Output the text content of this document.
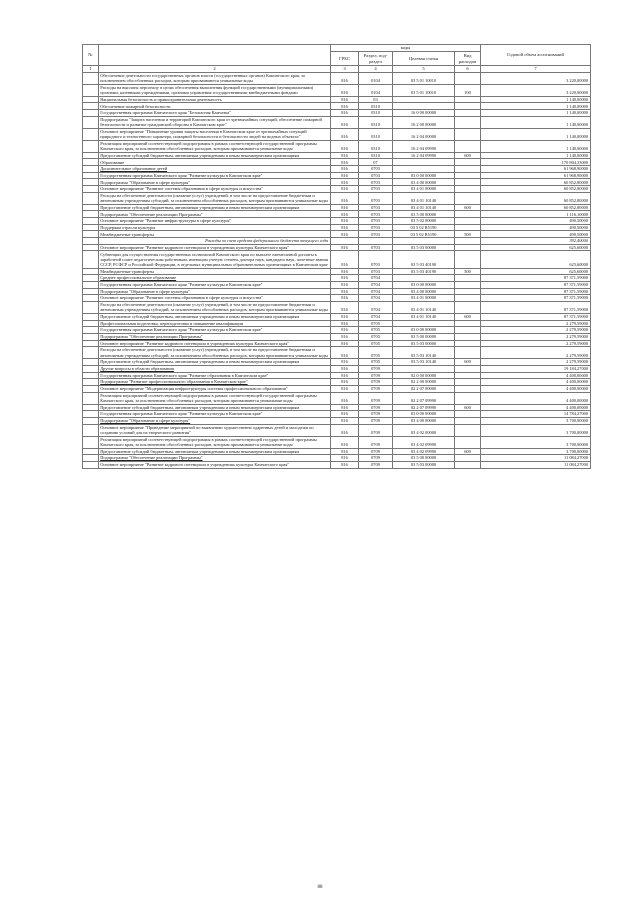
№		коды				Годовой объем ассигнований
		ГРБС	Раздел, под-раздел	Целевая статья	Вид расходов	
1	2	3	4	5	6	7
	Обеспечение деятельности государственных органов власти (государственных органов) Камчатского края, за исключением обособленных расходов, которым присваиваются уникальные коды	816	0104	03 5 01 10010		3 220,00000
	Расходы на выплаты персоналу в целях обеспечения выполнения функций государственными (муниципальными) органами, казенными учреждениями, органами управления государственными внебюджетными фондами	816	0104	03 5 01 10010	100	3 220,00000
	Национальная безопасность и правоохранительная деятельность	816	03			1 140,00000
	Обеспечение пожарной безопасности	816	0310			1 140,00000
	Государственная программа Камчатского края "Безопасная Камчатка"	816	0310	16 0 00 00000		1 140,00000
	Подпрограмма "Защита населения и территорий Камчатского края от чрезвычайных ситуаций, обеспечение пожарной безопасности и развитие гражданской обороны в Камчатском крае"	816	0310	16 2 00 00000		1 140,00000
	Основное мероприятие "Повышение уровня защиты населения в Камчатском крае от чрезвычайных ситуаций природного и техногенного характера, пожарной безопасности и безопасности людей на водных объектах"	816	0310	16 2 04 00000		1 140,00000
	Реализация мероприятий соответствующей подпрограммы в рамках соответствующей государственной программы Камчатского края, за исключением обособленных расходов, которым присваиваются уникальные коды	816	0310	16 2 04 09990		1 140,00000
	Предоставление субсидий бюджетным, автономным учреждениям и иным некоммерческим организациям	816	0310	16 2 04 09990	600	1 140,00000
	Образование	816	07			170 804,33000
	Дополнительное образование детей	816	0703			61 968,90000
	Государственная программа Камчатского края "Развитие культуры в Камчатском крае"	816	0703	03 0 00 00000		61 968,90000
	Подпрограмма "Образование в сфере культуры"	816	0703	03 4 00 00000		60 852,80000
	Основное мероприятие "Развитие системы образования в сфере культуры и искусства"	816	0703	03 4 01 00000		60 852,80000
	Расходы на обеспечение деятельности (оказание услуг) учреждений, в том числе на предоставление бюджетным и автономным учреждениям субсидий, за исключением обособленных расходов, которым присваиваются уникальные коды	816	0703	03 4 01 10140		60 852,80000
	Предоставление субсидий бюджетным, автономным учреждениям и иным некоммерческим организациям	816	0703	03 4 01 10140	600	60 852,80000
	Подпрограмма "Обеспечение реализации Программы"	816	0703	03 5 00 00000		1 116,10000
	Основное мероприятие "Развитие инфраструктуры в сфере культуры"	816	0703	03 5 02 00000		490,50000
	Поддержка отрасли культуры	816	0703	03 5 02 R5190		490,50000
	Межбюджетные трансферты	816	0703	03 5 02 R5190	500	490,50000
	Расходы за счет средств федерального бюджета текущего года					392,40000
	Основное мероприятие "Развитие кадрового потенциала в учреждениях культуры Камчатского края"	816	0703	03 5 03 00000		625,60000
	Субвенции для осуществления государственных полномочий Камчатского края по выплате ежемесячной доплаты к заработной плате педагогическим работникам, имеющим ученую степень доктора наук, кандидата наук, почетные звания СССР, РСФСР и Российской Федерации, в отдельных муниципальных образовательных организациях в Камчатском крае	816	0703	03 5 03 40190		625,60000
	Межбюджетные трансферты	816	0703	03 5 03 40190	500	625,60000
	Среднее профессиональное образование	816	0704			87 371,59000
	Государственная программа Камчатского края "Развитие культуры в Камчатском крае"	816	0704	03 0 00 00000		87 371,59000
	Подпрограмма "Образование в сфере культуры"	816	0704	03 4 00 00000		87 371,59000
	Основное мероприятие "Развитие системы образования в сфере культуры и искусства"	816	0704	03 4 01 00000		87 371,59000
	Расходы на обеспечение деятельности (оказание услуг) учреждений, в том числе на предоставление бюджетным и автономным учреждениям субсидий, за исключением обособленных расходов, которым присваиваются уникальные коды	816	0704	03 4 01 10140		87 371,59000
	Предоставление субсидий бюджетным, автономным учреждениям и иным некоммерческим организациям	816	0704	03 4 01 10140	600	87 371,59000
	Профессиональная подготовка, переподготовка и повышение квалификации	816	0705			2 279,59000
	Государственная программа Камчатского края "Развитие культуры в Камчатском крае"	816	0705	03 0 00 00000		2 279,59000
	Подпрограмма "Обеспечение реализации Программы"	816	0705	03 5 00 00000		2 279,59000
	Основное мероприятие "Развитие кадрового потенциала в учреждениях культуры Камчатского края"	816	0705	03 5 03 00000		2 279,59000
	Расходы на обеспечение деятельности (оказание услуг) учреждений, в том числе на предоставление бюджетным и автономным учреждениям субсидий, за исключением обособленных расходов, которым присваиваются уникальные коды	816	0705	03 5 03 10140		2 279,59000
	Предоставление субсидий бюджетным, автономным учреждениям и иным некоммерческим организациям	816	0705	03 5 03 10140	600	2 279,59000
	Другие вопросы в области образования	816	0709			19 184,27000
	Государственная программа Камчатского края "Развитие образования в Камчатском крае"	816	0709	02 0 00 00000		4 400,00000
	Подпрограмма "Развитие профессионального образования в Камчатском крае"	816	0709	02 2 00 00000		4 400,00000
	Основное мероприятие "Модернизация инфраструктуры системы профессионального образования"	816	0709	02 2 07 00000		4 400,00000
	Реализация мероприятий соответствующей подпрограммы в рамках соответствующей государственной программы Камчатского края, за исключением обособленных расходов, которым присваиваются уникальные коды	816	0709	02 2 07 09990		4 400,00000
	Предоставление субсидий бюджетным, автономным учреждениям и иным некоммерческим организациям	816	0709	02 2 07 09990	600	4 400,00000
	Государственная программа Камчатского края "Развитие культуры в Камчатском крае"	816	0709	03 0 00 00000		14 784,27000
	Подпрограмма "Образование в сфере культуры"	816	0709	03 4 00 00000		3 700,00000
	Основное мероприятие "Проведение мероприятий по выявлению художественно одаренных детей и молодежи по созданию условий для их творческого развития"	816	0709	03 4 02 00000		3 700,00000
	Реализация мероприятий соответствующей подпрограммы в рамках соответствующей государственной программы Камчатского края, за исключением обособленных расходов, которым присваиваются уникальные коды	816	0709	03 4 02 09990		3 700,00000
	Предоставление субсидий бюджетным, автономным учреждениям и иным некоммерческим организациям	816	0709	03 4 02 09990	600	3 700,00000
	Подпрограмма "Обеспечение реализации Программы"	816	0709	03 5 00 00000		11 084,27000
	Основное мероприятие "Развитие кадрового потенциала в учреждениях культуры Камчатского края"	816	0709	03 5 03 00000		11 084,27000
88
